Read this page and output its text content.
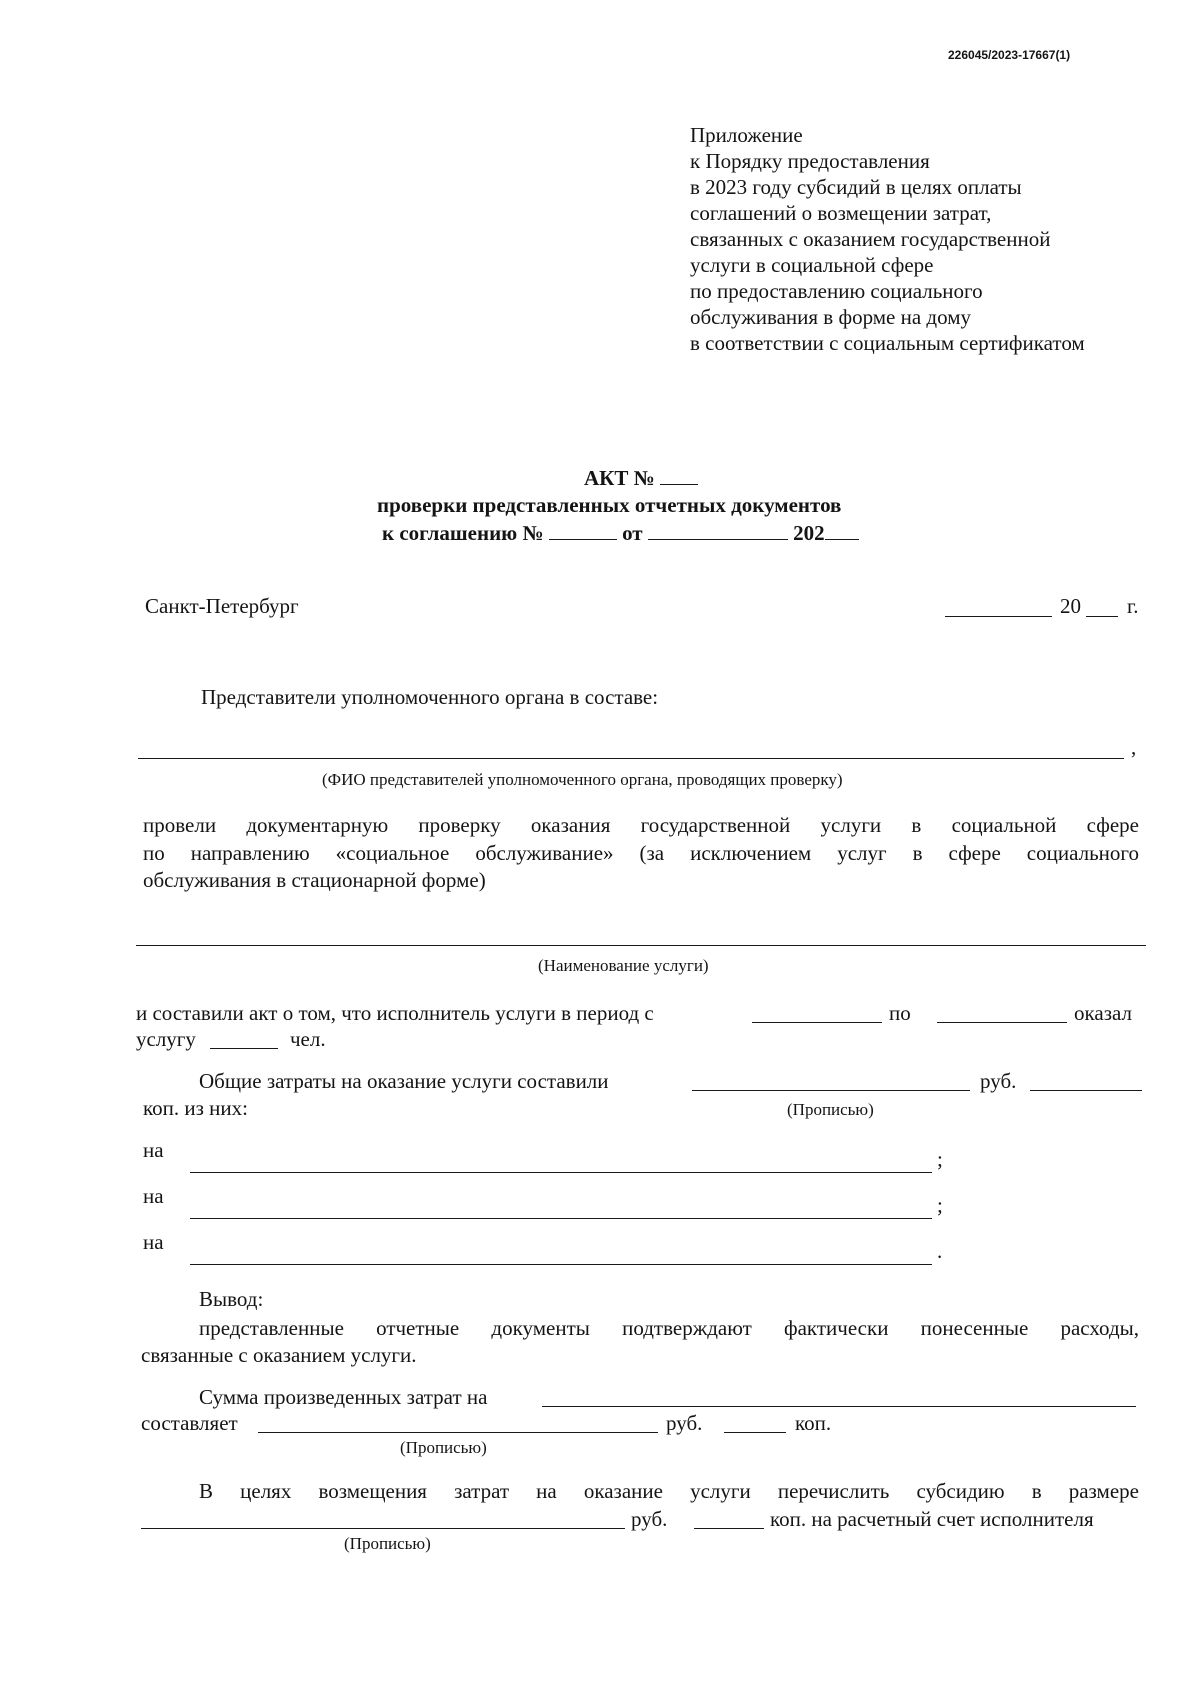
226045/2023-17667(1)
Приложение
к Порядку предоставления
в 2023 году субсидий в целях оплаты
соглашений о возмещении затрат,
связанных с оказанием государственной
услуги в социальной сфере
по предоставлению социального
обслуживания в форме на дому
в соответствии с социальным сертификатом
АКТ №
проверки представленных отчетных документов
к соглашению №	от	202
Санкт-Петербург	20 г.
Представители уполномоченного органа в составе:
,
(ФИО представителей уполномоченного органа, проводящих проверку)
провели документарную проверку оказания государственной услуги в социальной сфере
по направлению «социальное обслуживание» (за исключением услуг в сфере социального
обслуживания в стационарной форме)
(Наименование услуги)
и составили акт о том, что исполнитель услуги в период с	по	оказал
услугу	чел.
Общие затраты на оказание услуги составили	руб.
коп. из них:	(Прописью)
на	;
на	;
на	.
Вывод:
представленные отчетные документы подтверждают фактически понесенные расходы,
связанные с оказанием услуги.
Сумма произведенных затрат на
составляет	руб.	коп.
(Прописью)
В целях возмещения затрат на оказание услуги перечислить субсидию в размере
руб.	коп. на расчетный счет исполнителя
(Прописью)
